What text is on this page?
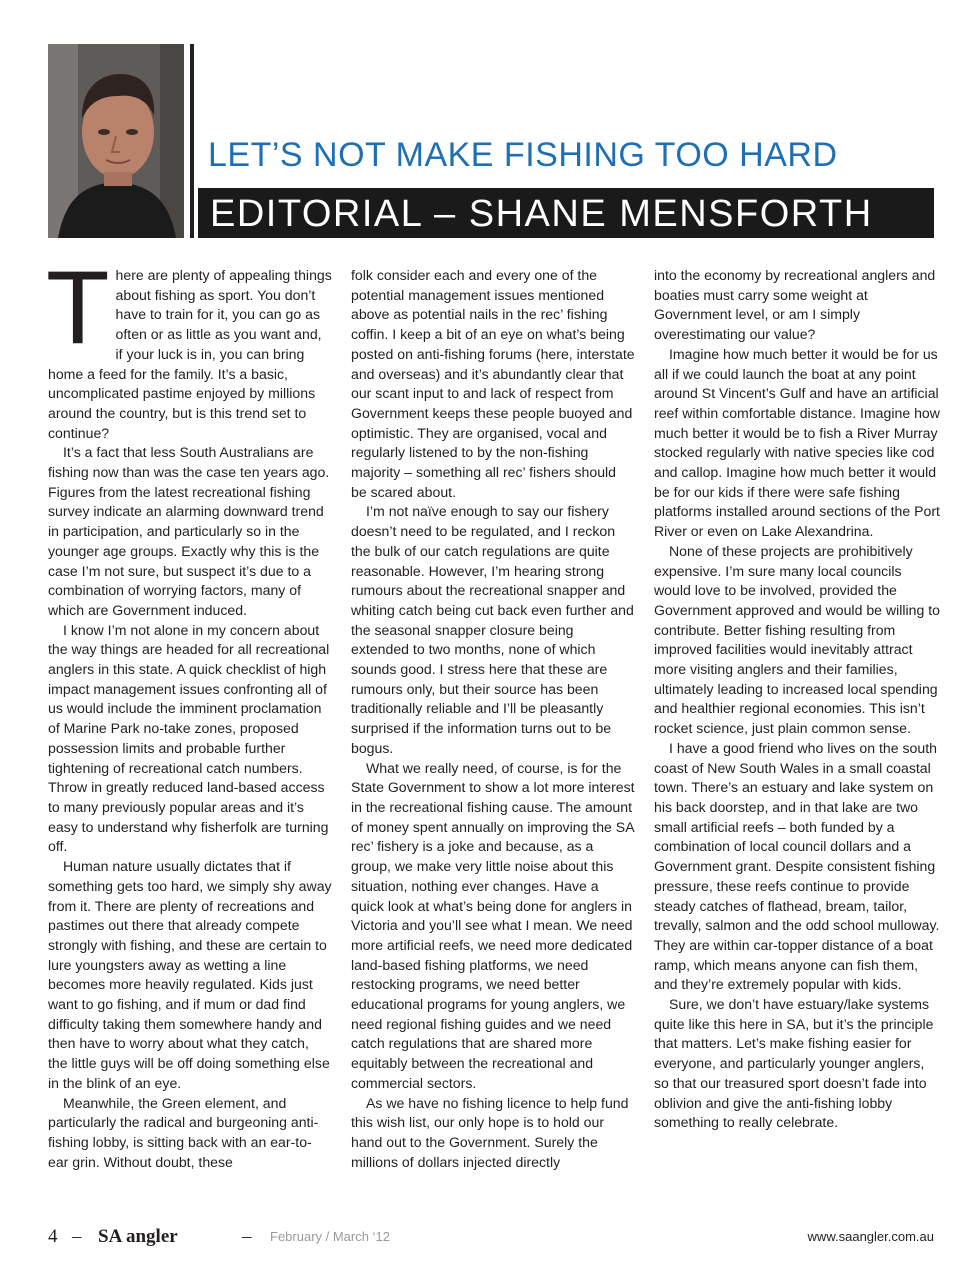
LET’S NOT MAKE FISHING TOO HARD
EDITORIAL – SHANE MENSFORTH

There are plenty of appealing things about fishing as sport. You don’t have to train for it, you can go as often or as little as you want and, if your luck is in, you can bring home a feed for the family. It’s a basic, uncomplicated pastime enjoyed by millions around the country, but is this trend set to continue?

It’s a fact that less South Australians are fishing now than was the case ten years ago. Figures from the latest recreational fishing survey indicate an alarming downward trend in participation, and particularly so in the younger age groups. Exactly why this is the case I’m not sure, but suspect it’s due to a combination of worrying factors, many of which are Government induced.

I know I’m not alone in my concern about the way things are headed for all recreational anglers in this state. A quick checklist of high impact management issues confronting all of us would include the imminent proclamation of Marine Park no-take zones, proposed possession limits and probable further tightening of recreational catch numbers. Throw in greatly reduced land-based access to many previously popular areas and it’s easy to understand why fisherfolk are turning off.

Human nature usually dictates that if something gets too hard, we simply shy away from it. There are plenty of recreations and pastimes out there that already compete strongly with fishing, and these are certain to lure youngsters away as wetting a line becomes more heavily regulated. Kids just want to go fishing, and if mum or dad find difficulty taking them somewhere handy and then have to worry about what they catch, the little guys will be off doing something else in the blink of an eye.

Meanwhile, the Green element, and particularly the radical and burgeoning anti-fishing lobby, is sitting back with an ear-to-ear grin. Without doubt, these

folk consider each and every one of the potential management issues mentioned above as potential nails in the rec’ fishing coffin. I keep a bit of an eye on what’s being posted on anti-fishing forums (here, interstate and overseas) and it’s abundantly clear that our scant input to and lack of respect from Government keeps these people buoyed and optimistic. They are organised, vocal and regularly listened to by the non-fishing majority – something all rec’ fishers should be scared about.

I’m not naïve enough to say our fishery doesn’t need to be regulated, and I reckon the bulk of our catch regulations are quite reasonable. However, I’m hearing strong rumours about the recreational snapper and whiting catch being cut back even further and the seasonal snapper closure being extended to two months, none of which sounds good. I stress here that these are rumours only, but their source has been traditionally reliable and I’ll be pleasantly surprised if the information turns out to be bogus.

What we really need, of course, is for the State Government to show a lot more interest in the recreational fishing cause. The amount of money spent annually on improving the SA rec’ fishery is a joke and because, as a group, we make very little noise about this situation, nothing ever changes. Have a quick look at what’s being done for anglers in Victoria and you’ll see what I mean. We need more artificial reefs, we need more dedicated land-based fishing platforms, we need restocking programs, we need better educational programs for young anglers, we need regional fishing guides and we need catch regulations that are shared more equitably between the recreational and commercial sectors.

As we have no fishing licence to help fund this wish list, our only hope is to hold our hand out to the Government. Surely the millions of dollars injected directly

into the economy by recreational anglers and boaties must carry some weight at Government level, or am I simply overestimating our value?

Imagine how much better it would be for us all if we could launch the boat at any point around St Vincent’s Gulf and have an artificial reef within comfortable distance. Imagine how much better it would be to fish a River Murray stocked regularly with native species like cod and callop. Imagine how much better it would be for our kids if there were safe fishing platforms installed around sections of the Port River or even on Lake Alexandrina.

None of these projects are prohibitively expensive. I’m sure many local councils would love to be involved, provided the Government approved and would be willing to contribute. Better fishing resulting from improved facilities would inevitably attract more visiting anglers and their families, ultimately leading to increased local spending and healthier regional economies. This isn’t rocket science, just plain common sense.

I have a good friend who lives on the south coast of New South Wales in a small coastal town. There’s an estuary and lake system on his back doorstep, and in that lake are two small artificial reefs – both funded by a combination of local council dollars and a Government grant. Despite consistent fishing pressure, these reefs continue to provide steady catches of flathead, bream, tailor, trevally, salmon and the odd school mulloway. They are within car-topper distance of a boat ramp, which means anyone can fish them, and they’re extremely popular with kids.

Sure, we don’t have estuary/lake systems quite like this here in SA, but it’s the principle that matters. Let’s make fishing easier for everyone, and particularly younger anglers, so that our treasured sport doesn’t fade into oblivion and give the anti-fishing lobby something to really celebrate.

4 – SA angler	– February / March ‘12	www.saangler.com.au
